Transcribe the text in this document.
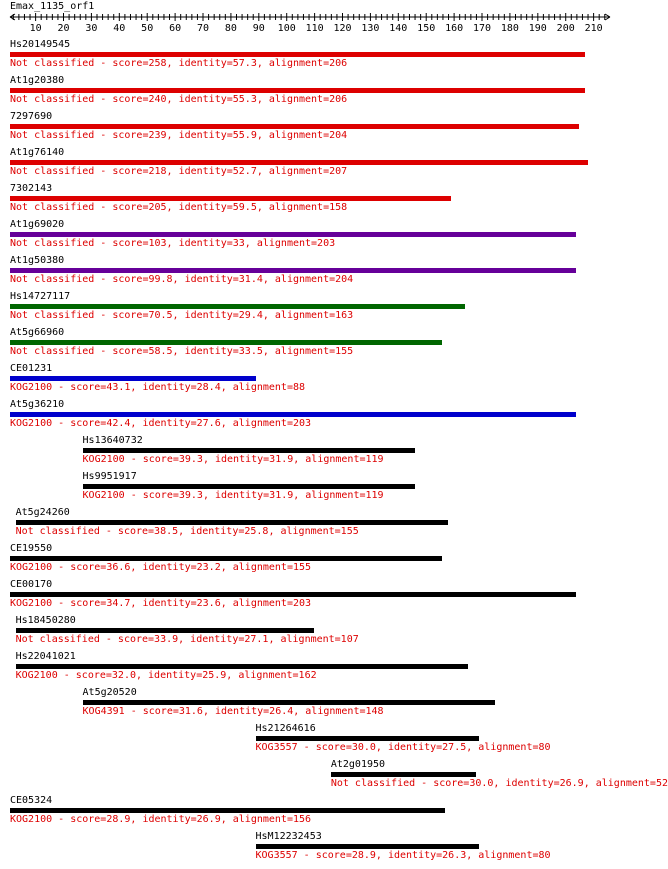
Emax_1135_orf1
10 20 30 40 50 60 70 80 90 100 110 120 130 140 150 160 170 180 190 200 210
Hs20149545
Not classified - score=258, identity=57.3, alignment=206
At1g20380
Not classified - score=240, identity=55.3, alignment=206
7297690
Not classified - score=239, identity=55.9, alignment=204
At1g76140
Not classified - score=218, identity=52.7, alignment=207
7302143
Not classified - score=205, identity=59.5, alignment=158
At1g69020
Not classified - score=103, identity=33, alignment=203
At1g50380
Not classified - score=99.8, identity=31.4, alignment=204
Hs14727117
Not classified - score=70.5, identity=29.4, alignment=163
At5g66960
Not classified - score=58.5, identity=33.5, alignment=155
CE01231
KOG2100 - score=43.1, identity=28.4, alignment=88
At5g36210
KOG2100 - score=42.4, identity=27.6, alignment=203
Hs13640732
KOG2100 - score=39.3, identity=31.9, alignment=119
Hs9951917
KOG2100 - score=39.3, identity=31.9, alignment=119
At5g24260
Not classified - score=38.5, identity=25.8, alignment=155
CE19550
KOG2100 - score=36.6, identity=23.2, alignment=155
CE00170
KOG2100 - score=34.7, identity=23.6, alignment=203
Hs18450280
Not classified - score=33.9, identity=27.1, alignment=107
Hs22041021
KOG2100 - score=32.0, identity=25.9, alignment=162
At5g20520
KOG4391 - score=31.6, identity=26.4, alignment=148
Hs21264616
KOG3557 - score=30.0, identity=27.5, alignment=80
At2g01950
Not classified - score=30.0, identity=26.9, alignment=52
CE05324
KOG2100 - score=28.9, identity=26.9, alignment=156
HsM12232453
KOG3557 - score=28.9, identity=26.3, alignment=80
